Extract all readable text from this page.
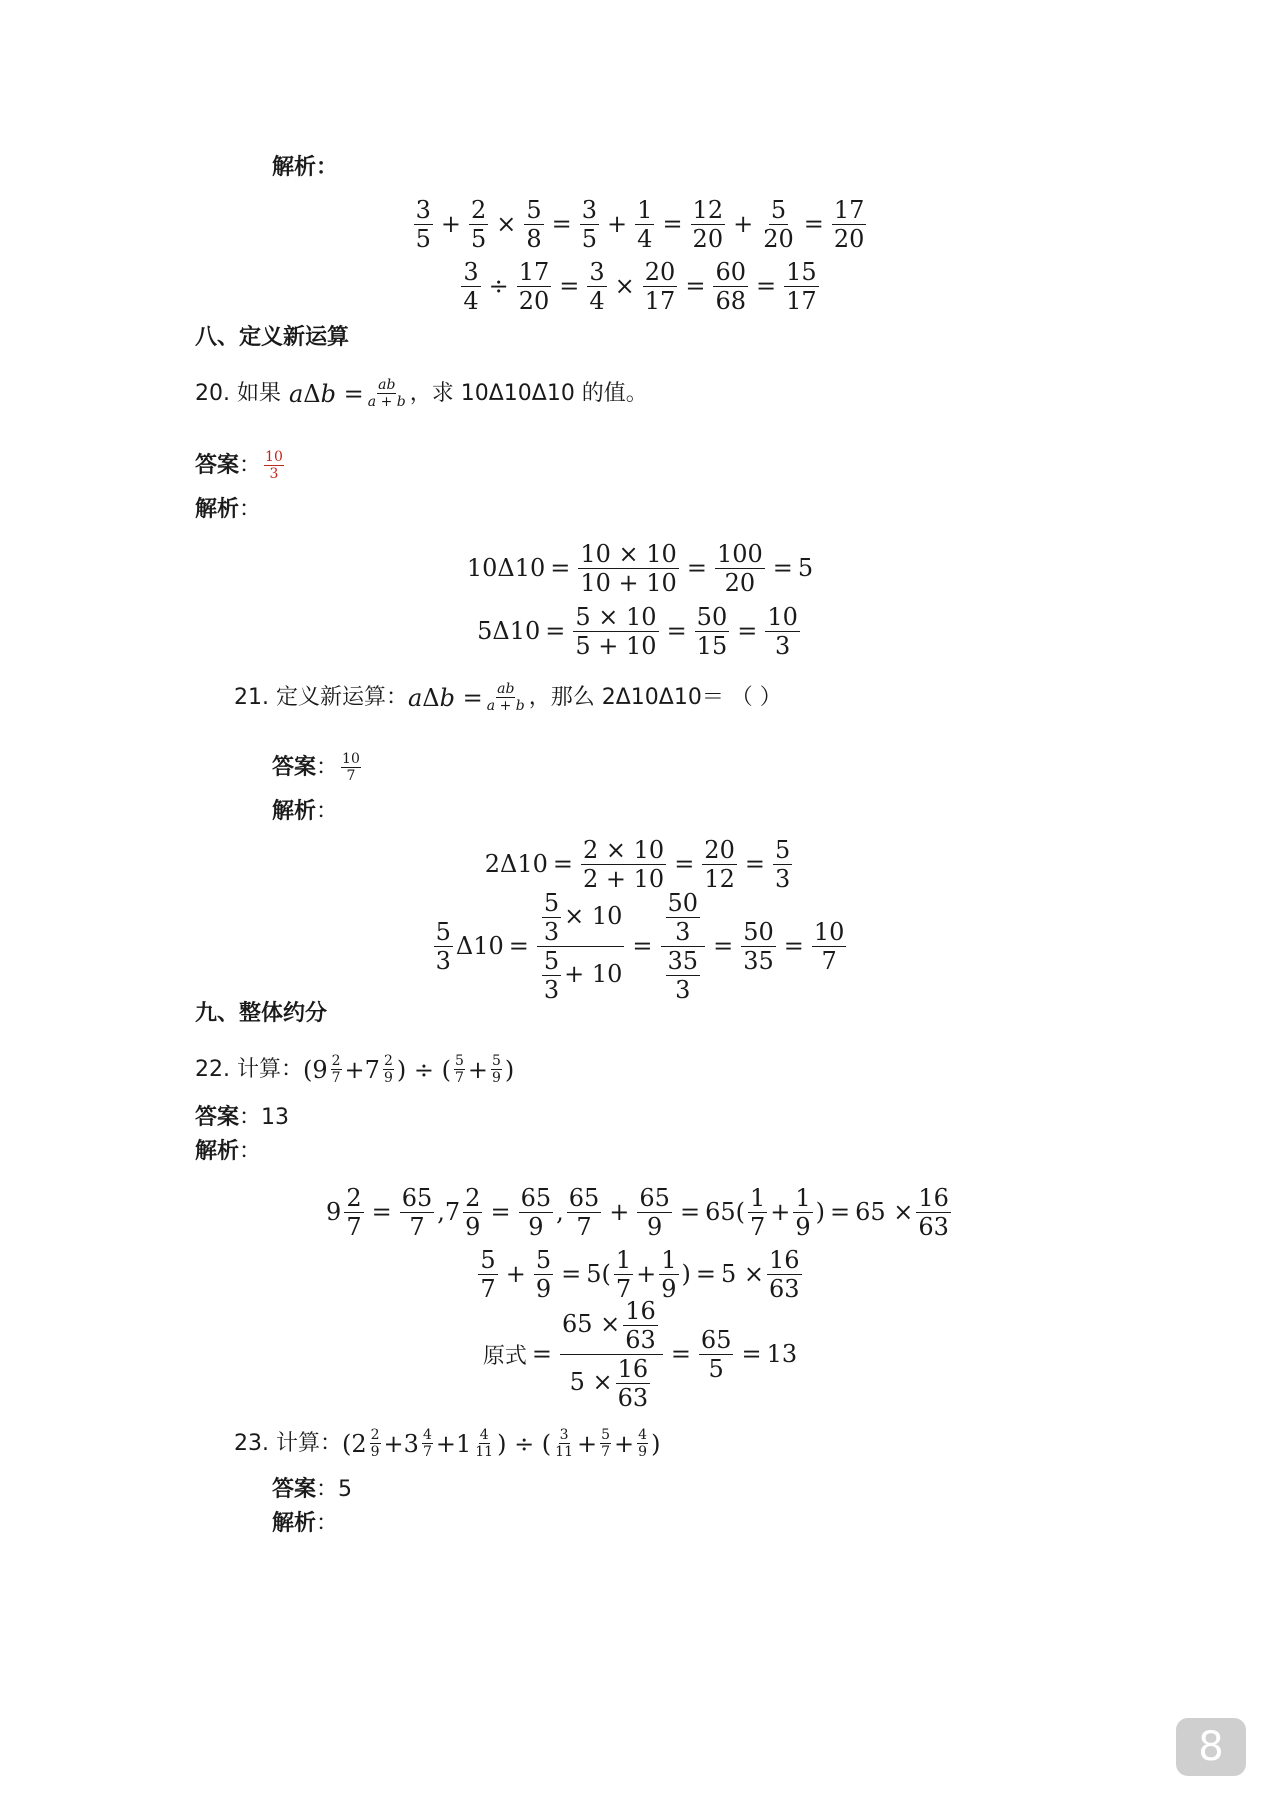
解析：
$\frac{3}{5} + \frac{2}{5} \times \frac{5}{8} = \frac{3}{5} + \frac{1}{4} = \frac{12}{20} + \frac{5}{20} = \frac{17}{20}$
$\frac{3}{4} \div \frac{17}{20} = \frac{3}{4} \times \frac{20}{17} = \frac{60}{68} = \frac{15}{17}$
八、定义新运算
20. 如果 $a\Delta b = \frac{ab}{a + b}$ ，求 10Δ10Δ10 的值。
答案 ： $\frac{10}{3}$
解析：
$10\Delta 10 = \frac{10 \times 10}{10 + 10} = \frac{100}{20} = 5$
$5\Delta 10 = \frac{5 \times 10}{5 + 10} = \frac{50}{15} = \frac{10}{3}$
21. 定义新运算： $a\Delta b = \frac{ab}{a + b}$ ，那么 2Δ10Δ10＝ （ ）
答案 ： $\frac{10}{7}$
解析：
$2\Delta 10 = \frac{2 \times 10}{2 + 10} = \frac{20}{12} = \frac{5}{3}$
$\frac{5}{3} \Delta 10 = \frac{\frac{5}{3} \times 10}{\frac{5}{3} + 10} = \frac{\frac{50}{3}}{\frac{35}{3}} = \frac{50}{35} = \frac{10}{7}$
九、整体约分
22. 计算： ($9 \frac{2}{7} +7 \frac{2}{9}$ ) ÷ ( $\frac{5}{7} + \frac{5}{9}$ )
答案：13
解析：
$9 \frac{2}{7} = \frac{65}{7} ,7 \frac{2}{9} = \frac{65}{9}$ , $\frac{65}{7} + \frac{65}{9} = 65( \frac{1}{7} + \frac{1}{9}$ ) = $65 \times \frac{16}{63}$
$\frac{5}{7} + \frac{5}{9} = 5( \frac{1}{7} + \frac{1}{9}$ ) = $5 \times \frac{16}{63}$
原式 = $\frac{65 \times \frac{16}{63}}{5 \times \frac{16}{63}} = \frac{65}{5} = 13$
23. 计算： ($2 \frac{2}{9} +3 \frac{4}{7} +1 \frac{4}{11}$ ) ÷ ( $\frac{3}{11} + \frac{5}{7} + \frac{4}{9}$ )
答案：5
解析：
8
